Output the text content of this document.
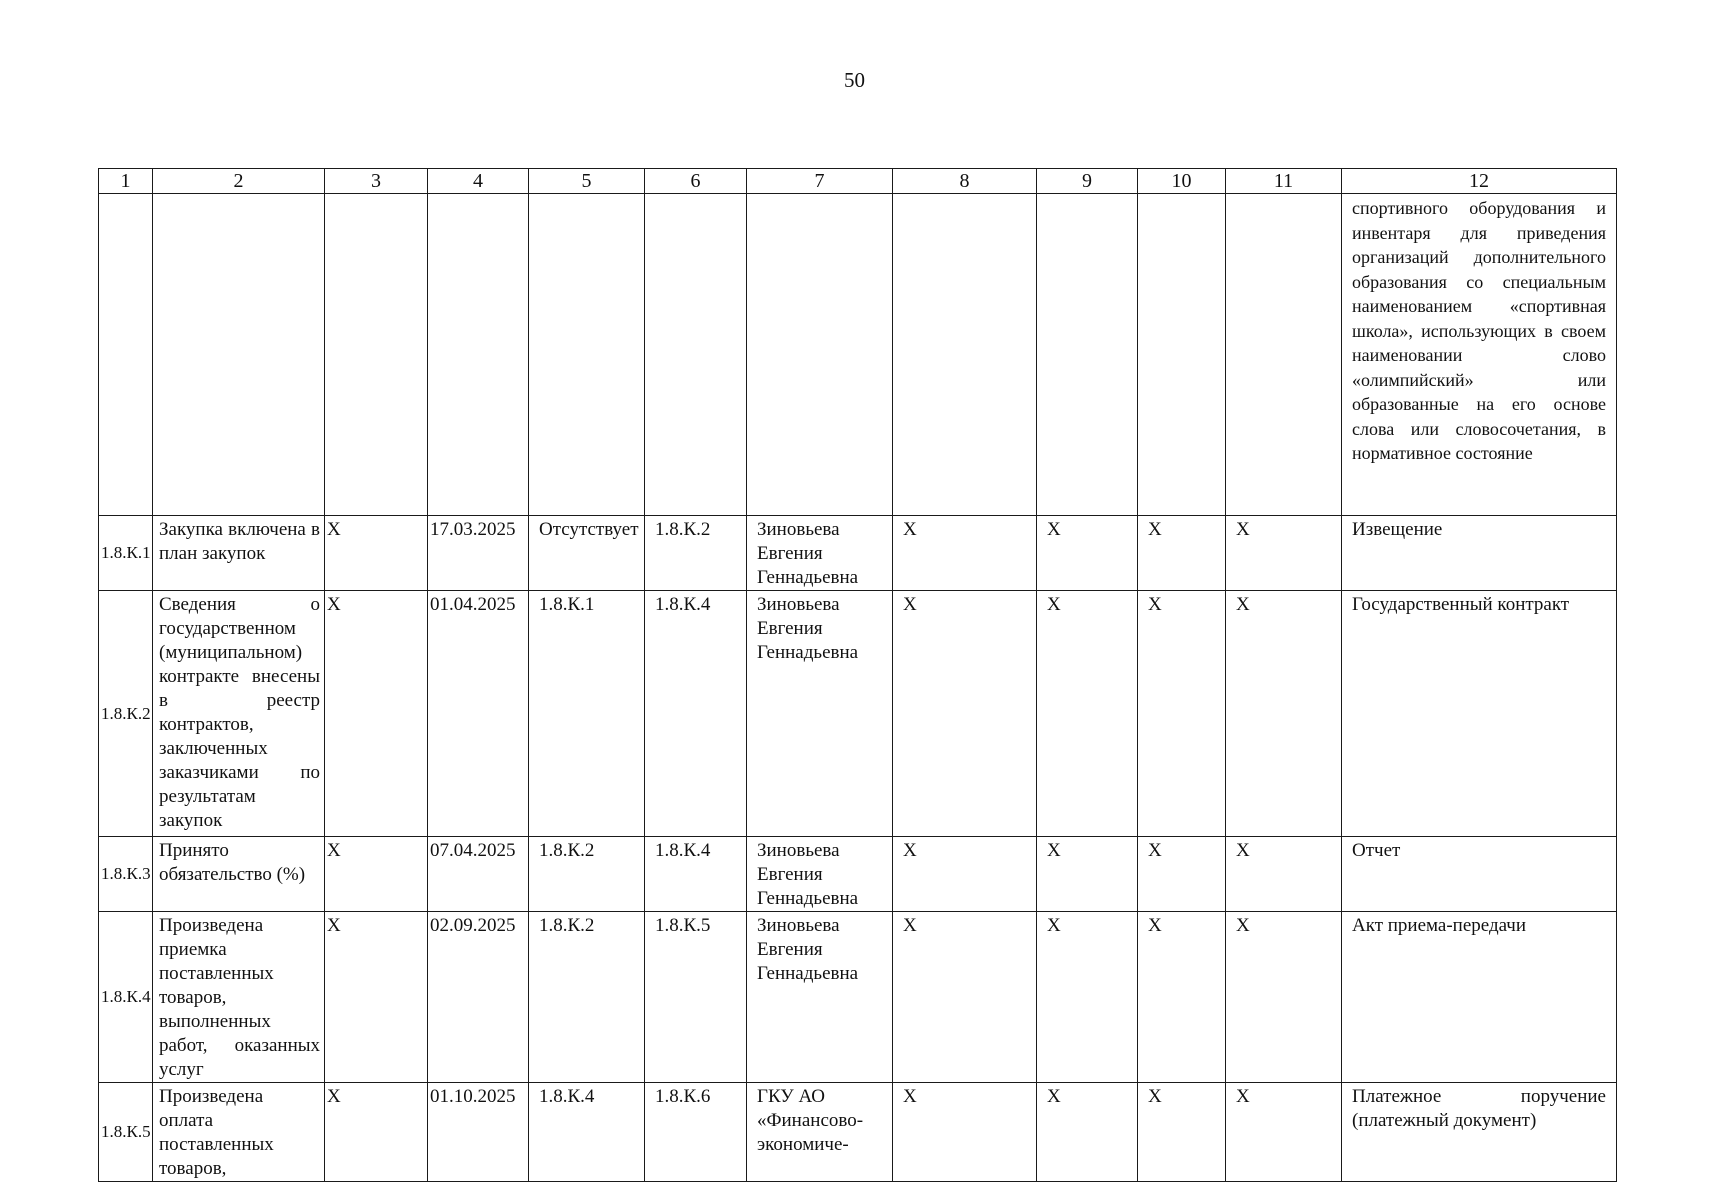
50
1	2	3	4	5	6	7	8	9	10	11	12
											спортивного оборудования и инвентаря для приведения организаций дополнительного образования со специальным наименованием «спортивная школа», использующих в своем наименовании слово «олимпийский» или образованные на его основе слова или словосочетания, в нормативное состояние
1.8.К.1	Закупка включена в план закупок	X	17.03.2025	Отсутствует	1.8.К.2	Зиновьева Евгения Геннадьевна	X	X	X	X	Извещение
1.8.К.2	Сведения о государственном (муниципальном) контракте внесены в реестр контрактов, заключенных заказчиками по результатам закупок	X	01.04.2025	1.8.К.1	1.8.К.4	Зиновьева Евгения Геннадьевна	X	X	X	X	Государственный контракт
1.8.К.3	Принято обязательство (%)	X	07.04.2025	1.8.К.2	1.8.К.4	Зиновьева Евгения Геннадьевна	X	X	X	X	Отчет
1.8.К.4	Произведена приемка поставленных товаров, выполненных работ, оказанных услуг	X	02.09.2025	1.8.К.2	1.8.К.5	Зиновьева Евгения Геннадьевна	X	X	X	X	Акт приема-передачи
1.8.К.5	Произведена оплата поставленных товаров,	X	01.10.2025	1.8.К.4	1.8.К.6	ГКУ АО «Финансово-экономиче-	X	X	X	X	Платежное поручение (платежный документ)
